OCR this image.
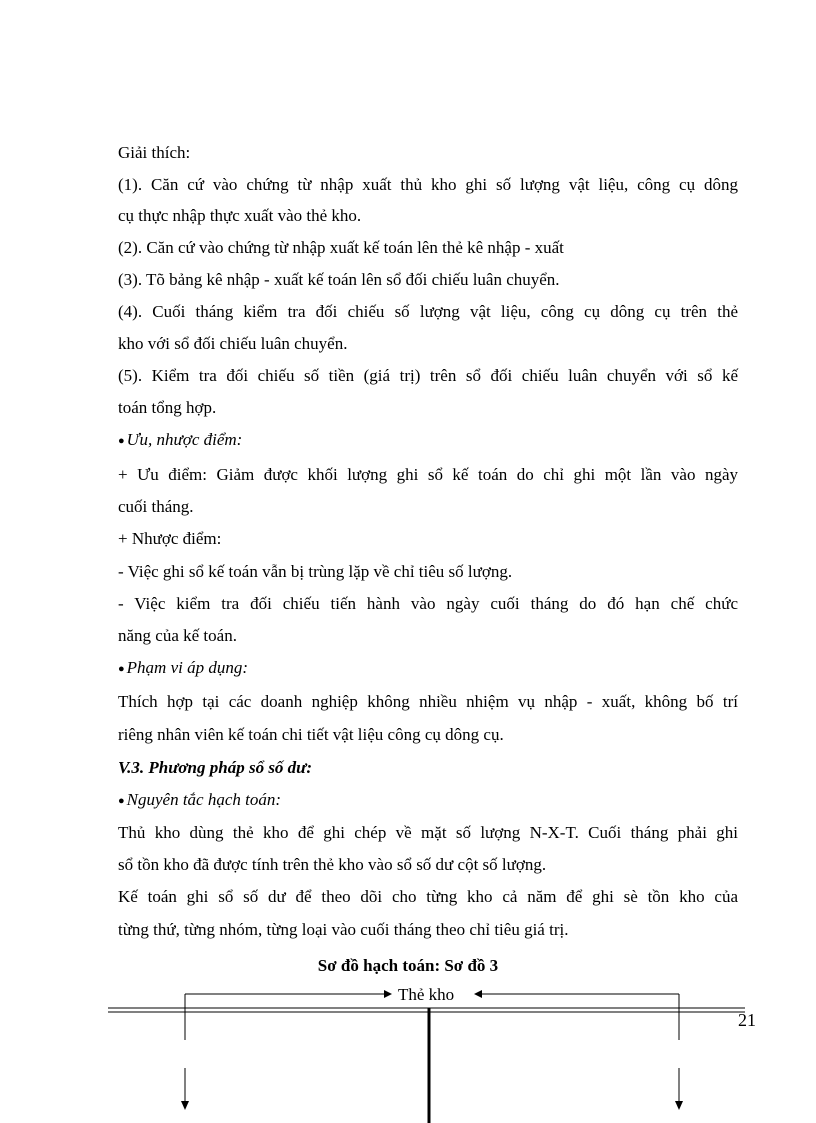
Giải thích:
(1). Căn cứ vào chứng từ nhập xuất thủ kho ghi số lượng vật liệu, công cụ dông
cụ thực nhập thực xuất vào thẻ kho.
(2). Căn cứ vào chứng từ nhập xuất kế toán lên thẻ kê nhập - xuất
(3). Tõ bảng kê nhập - xuất kế toán lên sổ đối chiếu luân chuyển.
(4). Cuối tháng kiểm tra đối chiếu số lượng vật liệu, công cụ dông cụ trên thẻ
kho với sổ đối chiếu luân chuyển.
(5). Kiểm tra đối chiếu số tiền (giá trị) trên sổ đối chiếu luân chuyển với sổ kế
toán tổng hợp.
● Ưu, nhược điểm:
+ Ưu điểm: Giảm được khối lượng ghi sổ kế toán do chỉ ghi một lần vào ngày
cuối tháng.
+ Nhược điểm:
- Việc ghi sổ kế toán vẫn bị trùng lặp về chỉ tiêu số lượng.
- Việc kiểm tra đối chiếu tiến hành vào ngày cuối tháng do đó hạn chế chức
năng của kế toán.
● Phạm vi áp dụng:
Thích hợp tại các doanh nghiệp không nhiều nhiệm vụ nhập - xuất, không bố trí
riêng nhân viên kế toán chi tiết vật liệu công cụ dông cụ.
V.3. Phương pháp sổ số dư:
● Nguyên tắc hạch toán:
Thủ kho dùng thẻ kho để ghi chép về mặt số lượng N-X-T. Cuối tháng phải ghi
sổ tồn kho đã được tính trên thẻ kho vào sổ số dư cột số lượng.
Kế toán ghi sổ số dư để theo dõi cho từng kho cả năm để ghi sè tồn kho của
từng thứ, từng nhóm, từng loại vào cuối tháng theo chỉ tiêu giá trị.
Sơ đồ hạch toán: Sơ đồ 3
Thẻ kho
21
